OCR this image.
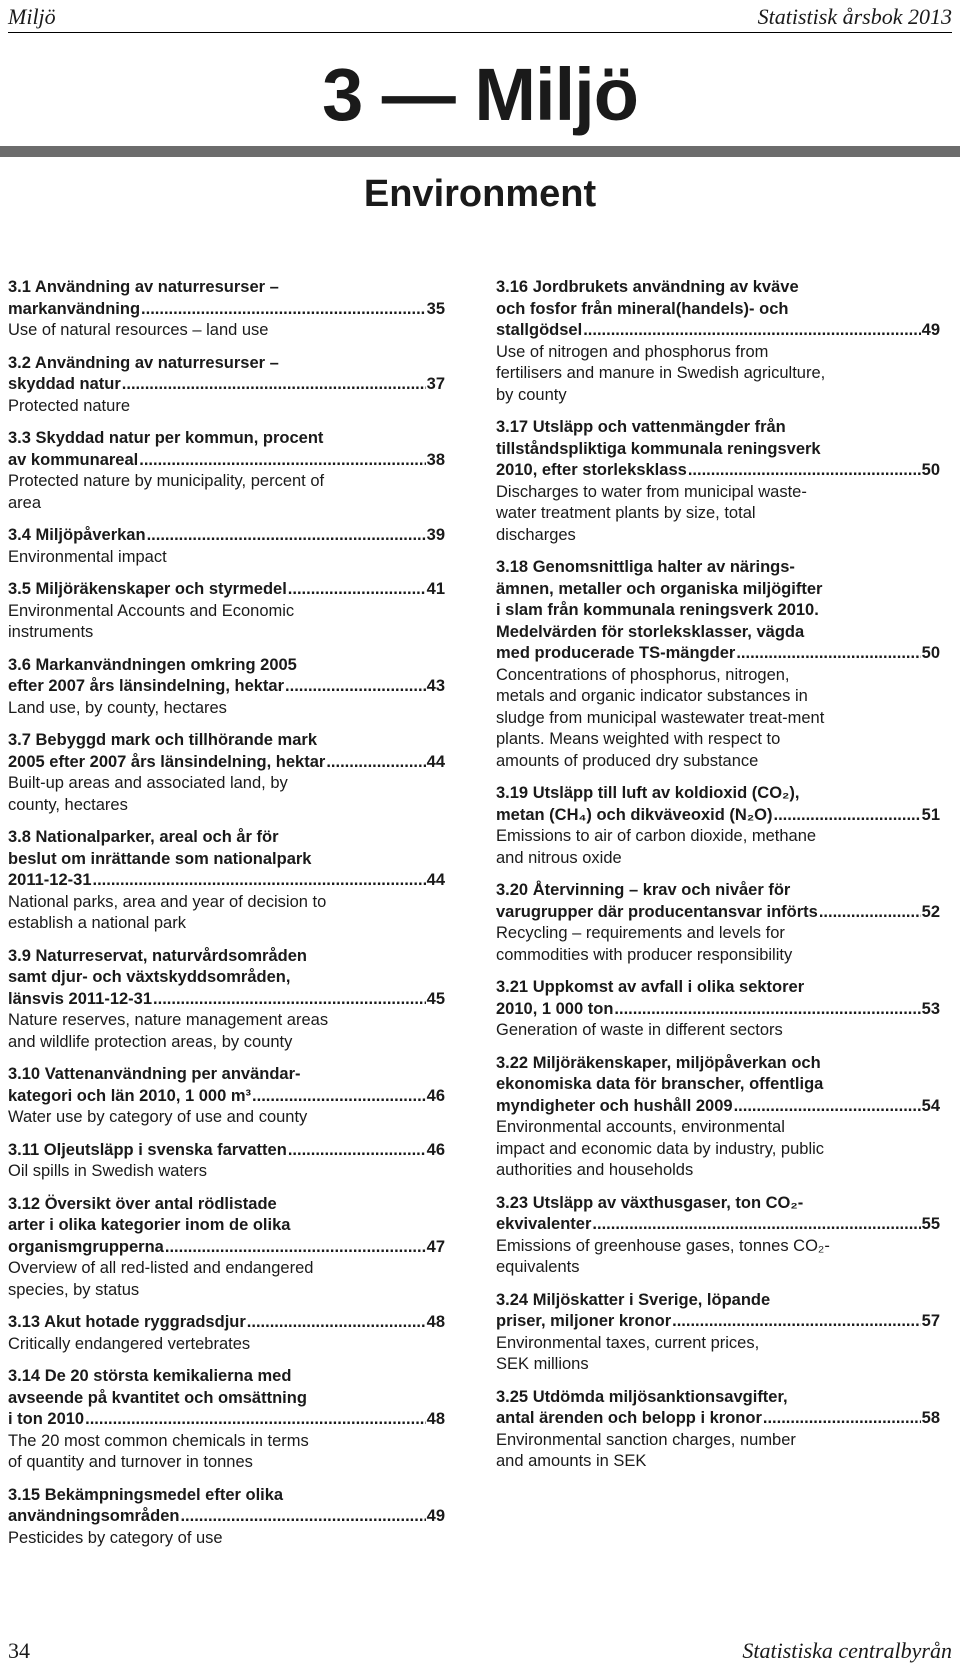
Miljö	Statistisk årsbok 2013
3 — Miljö
Environment
3.1 Användning av naturresurser –
markanvändning .....	35
Use of natural resources – land use
3.2 Användning av naturresurser –
skyddad natur .....	37
Protected nature
3.3 Skyddad natur per kommun, procent
av kommunareal .....	38
Protected nature by municipality, percent of
area
3.4 Miljöpåverkan .....	39
Environmental impact
3.5 Miljöräkenskaper och styrmedel .....	41
Environmental Accounts and Economic
instruments
3.6 Markanvändningen omkring 2005
efter 2007 års länsindelning, hektar .....	43
Land use, by county, hectares
3.7 Bebyggd mark och tillhörande mark
2005 efter 2007 års länsindelning, hektar .....	44
Built-up areas and associated land, by
county, hectares
3.8 Nationalparker, areal och år för
beslut om inrättande som nationalpark
2011-12-31 .....	44
National parks, area and year of decision to
establish a national park
3.9 Naturreservat, naturvårdsområden
samt djur- och växtskyddsområden,
länsvis 2011-12-31 .....	45
Nature reserves, nature management areas
and wildlife protection areas, by county
3.10 Vattenanvändning per användar-
kategori och län 2010, 1 000 m³ .....	46
Water use by category of use and county
3.11 Oljeutsläpp i svenska farvatten .....	46
Oil spills in Swedish waters
3.12 Översikt över antal rödlistade
arter i olika kategorier inom de olika
organismgrupperna .....	47
Overview of all red-listed and endangered
species, by status
3.13 Akut hotade ryggradsdjur .....	48
Critically endangered vertebrates
3.14 De 20 största kemikalierna med
avseende på kvantitet och omsättning
i ton 2010 .....	48
The 20 most common chemicals in terms
of quantity and turnover in tonnes
3.15 Bekämpningsmedel efter olika
användningsområden .....	49
Pesticides by category of use
3.16 Jordbrukets användning av kväve
och fosfor från mineral(handels)- och
stallgödsel .....	49
Use of nitrogen and phosphorus from
fertilisers and manure in Swedish agriculture,
by county
3.17 Utsläpp och vattenmängder från
tillståndspliktiga kommunala reningsverk
2010, efter storleksklass .....	50
Discharges to water from municipal waste-
water treatment plants by size, total
discharges
3.18 Genomsnittliga halter av närings-
ämnen, metaller och organiska miljögifter
i slam från kommunala reningsverk 2010.
Medelvärden för storleksklasser, vägda
med producerade TS-mängder .....	50
Concentrations of phosphorus, nitrogen,
metals and organic indicator substances in
sludge from municipal wastewater treat-ment
plants. Means weighted with respect to
amounts of produced dry substance
3.19 Utsläpp till luft av koldioxid (CO₂),
metan (CH₄) och dikväveoxid (N₂O) .....	51
Emissions to air of carbon dioxide, methane
and nitrous oxide
3.20 Återvinning – krav och nivåer för
varugrupper där producentansvar införts .....	52
Recycling – requirements and levels for
commodities with producer responsibility
3.21 Uppkomst av avfall i olika sektorer
2010, 1 000 ton .....	53
Generation of waste in different sectors
3.22 Miljöräkenskaper, miljöpåverkan och
ekonomiska data för branscher, offentliga
myndigheter och hushåll 2009 .....	54
Environmental accounts, environmental
impact and economic data by industry, public
authorities and households
3.23 Utsläpp av växthusgaser, ton CO₂-
ekvivalenter .....	55
Emissions of greenhouse gases, tonnes CO₂-
equivalents
3.24 Miljöskatter i Sverige, löpande
priser, miljoner kronor .....	57
Environmental taxes, current prices,
SEK millions
3.25 Utdömda miljösanktionsavgifter,
antal ärenden och belopp i kronor .....	58
Environmental sanction charges, number
and amounts in SEK
34	Statistiska centralbyrån
